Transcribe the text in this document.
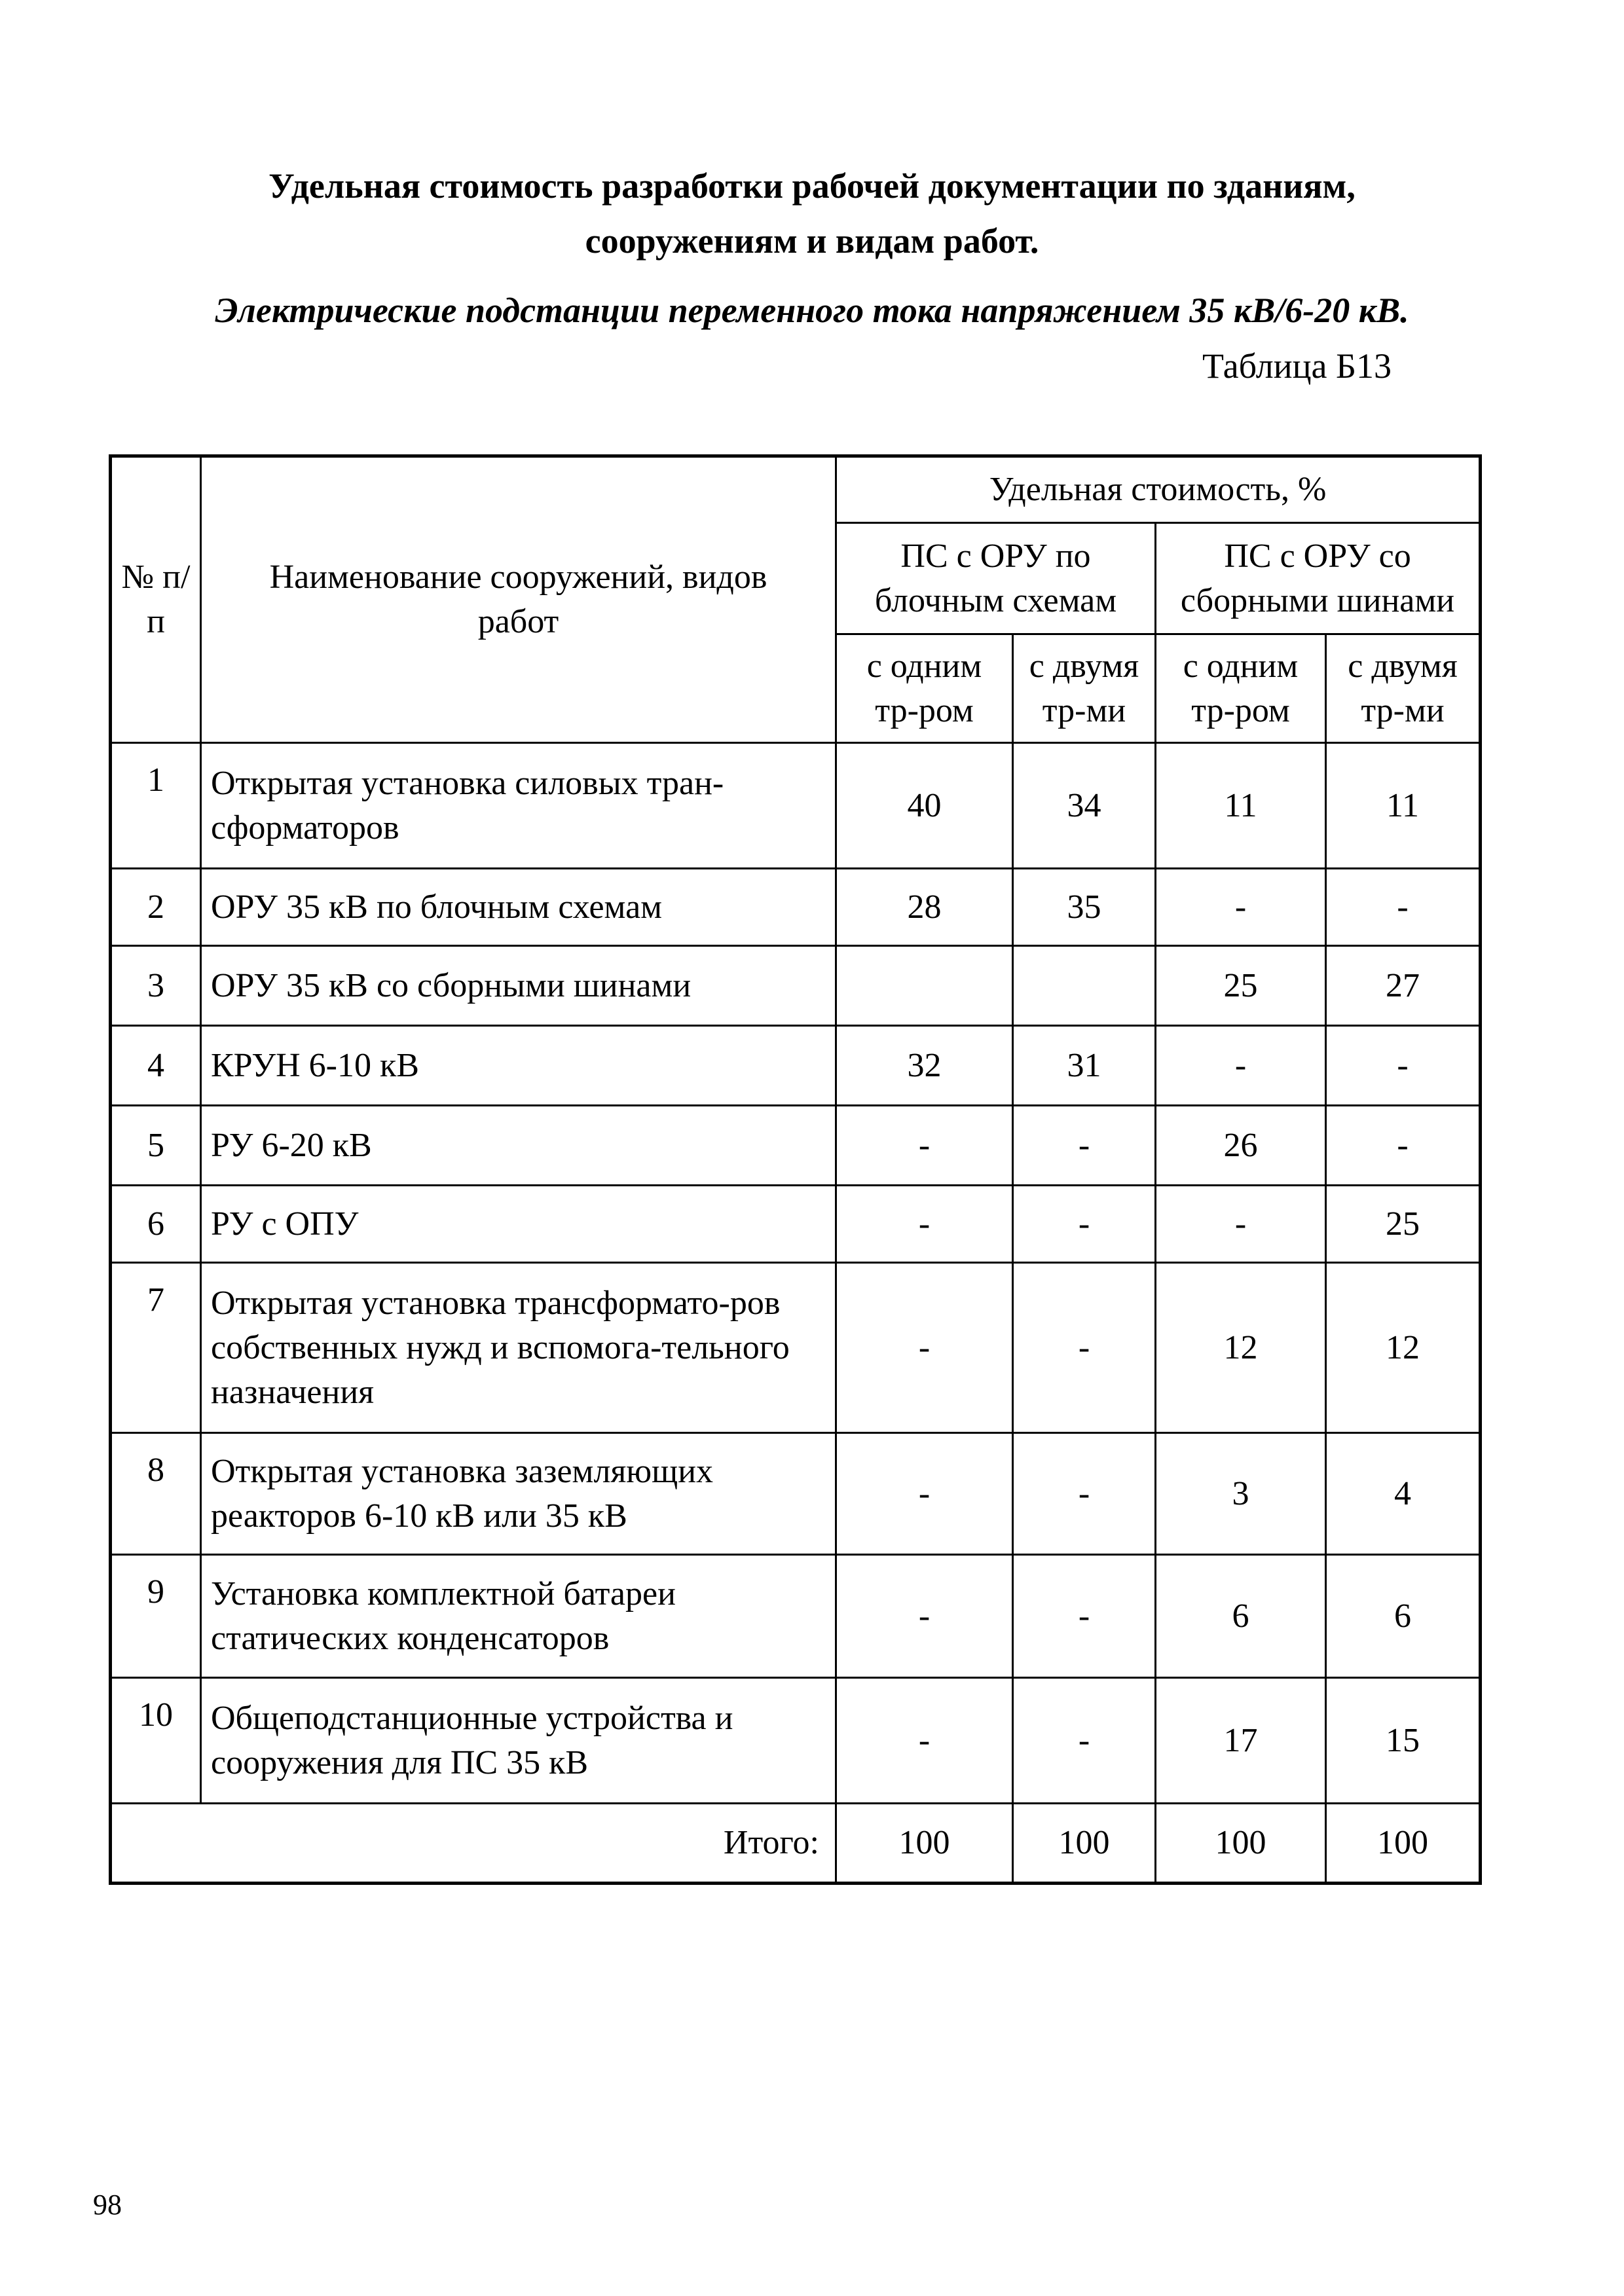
Удельная стоимость разработки рабочей документации по зданиям,
сооружениям и видам работ.
Электрические подстанции переменного тока напряжением 35 кВ/6-20 кВ.
Таблица Б13
№ п/п	Наименование сооружений, видов работ	Удельная стоимость, %			
		ПС с ОРУ по блочным схемам		ПС с ОРУ со сборными шинами	
		с одним тр-ром	с двумя тр-ми	с одним тр-ром	с двумя тр-ми
1	Открытая установка силовых тран-сформаторов	40	34	11	11
2	ОРУ 35 кВ по блочным схемам	28	35	-	-
3	ОРУ 35 кВ со сборными шинами			25	27
4	КРУН 6-10 кВ	32	31	-	-
5	РУ 6-20 кВ	-	-	26	-
6	РУ с ОПУ	-	-	-	25
7	Открытая установка трансформато-ров собственных нужд и вспомога-тельного назначения	-	-	12	12
8	Открытая установка заземляющих реакторов 6-10 кВ или 35 кВ	-	-	3	4
9	Установка комплектной батареи статических конденсаторов	-	-	6	6
10	Общеподстанционные устройства и сооружения для ПС 35 кВ	-	-	17	15
Итого:		100	100	100	100
98
